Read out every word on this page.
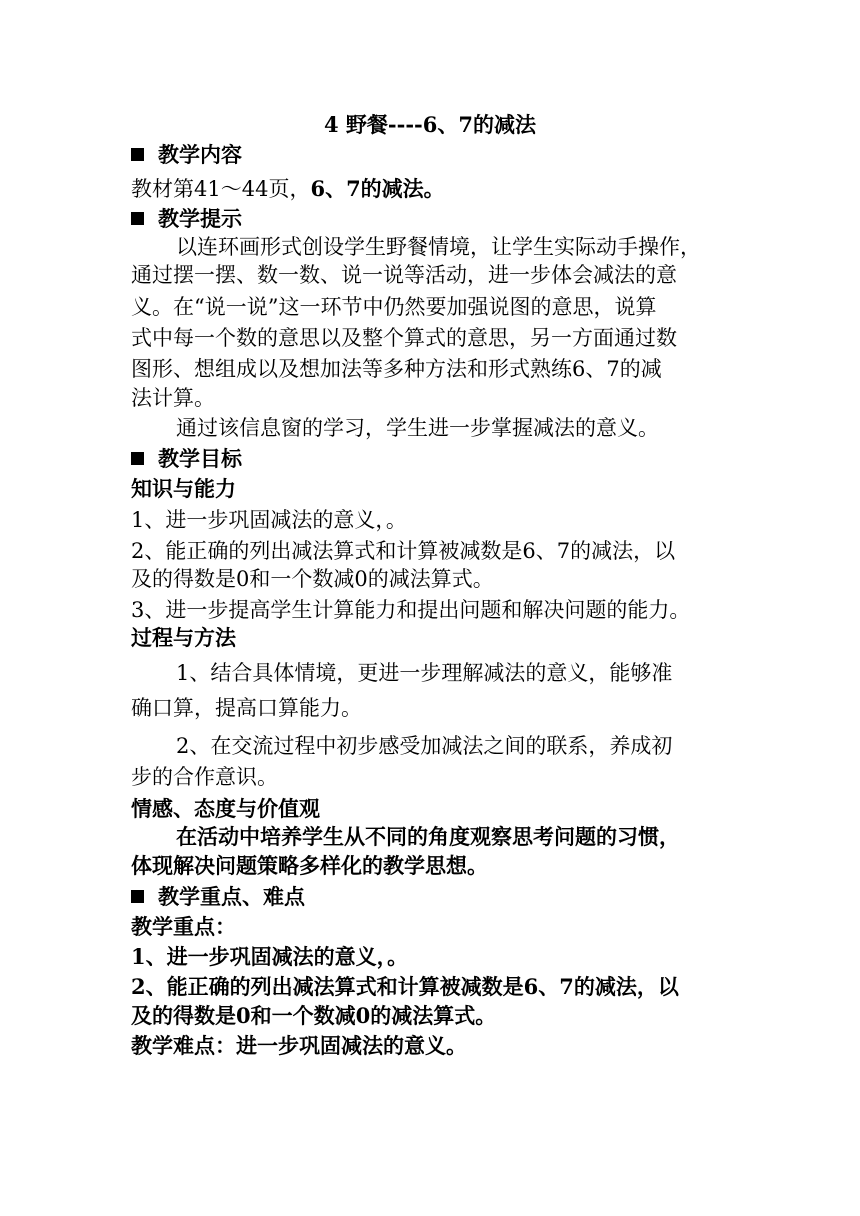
4 野餐----6、7的减法
教学内容
教材第41～44页，6、7的减法。
教学提示
以连环画形式创设学生野餐情境，让学生实际动手操作，
通过摆一摆、数一数、说一说等活动，进一步体会减法的意
义。在“说一说”这一环节中仍然要加强说图的意思，说算
式中每一个数的意思以及整个算式的意思，另一方面通过数
图形、想组成以及想加法等多种方法和形式熟练6、7的减
法计算。
通过该信息窗的学习，学生进一步掌握减法的意义。
教学目标
知识与能力
1、进一步巩固减法的意义，。
2、能正确的列出减法算式和计算被减数是6、7的减法，以
及的得数是0和一个数减0的减法算式。
3、进一步提高学生计算能力和提出问题和解决问题的能力。
过程与方法
1、结合具体情境，更进一步理解减法的意义，能够准
确口算，提高口算能力。
2、在交流过程中初步感受加减法之间的联系，养成初
步的合作意识。
情感、态度与价值观
在活动中培养学生从不同的角度观察思考问题的习惯，
体现解决问题策略多样化的教学思想。
教学重点、难点
教学重点：
1、进一步巩固减法的意义，。
2、能正确的列出减法算式和计算被减数是6、7的减法，以
及的得数是0和一个数减0的减法算式。
教学难点：进一步巩固减法的意义。
